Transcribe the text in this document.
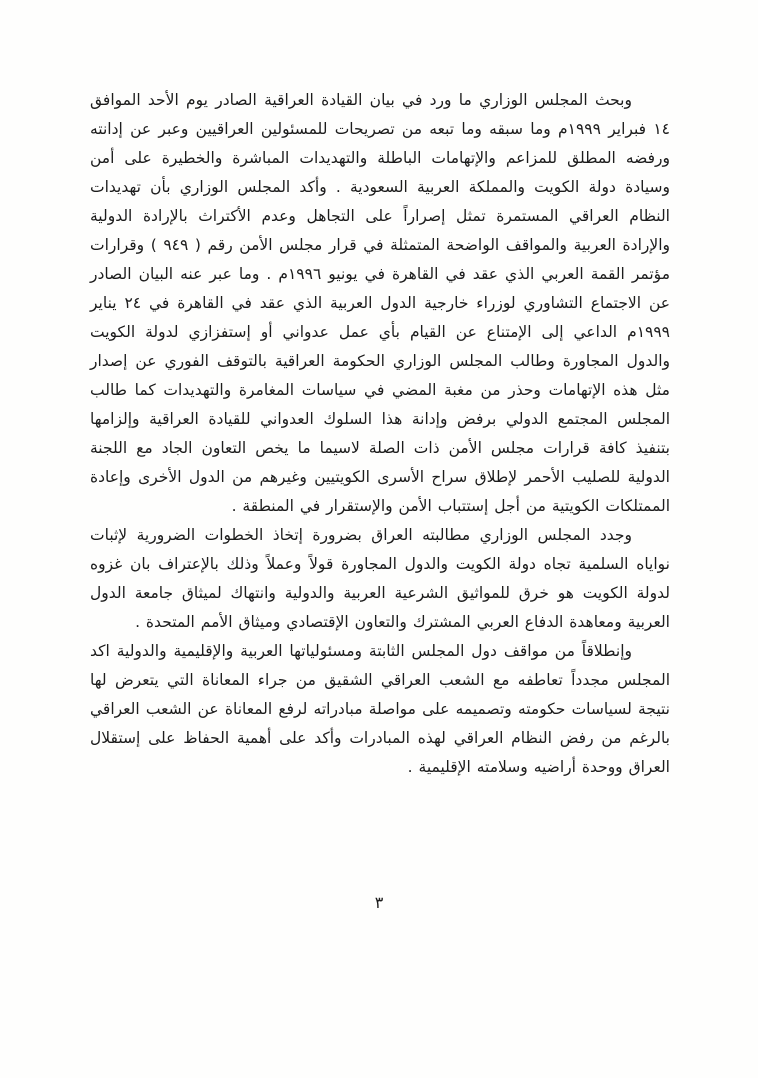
وبحث المجلس الوزاري ما ورد في بيان القيادة العراقية الصادر يوم الأحد الموافق ١٤ فبراير ١٩٩٩م وما سبقه وما تبعه من تصريحات للمسئولين العراقيين وعبر عن إدانته ورفضه المطلق للمزاعم والإتهامات الباطلة والتهديدات المباشرة والخطيرة على أمن وسيادة دولة الكويت والمملكة العربية السعودية . وأكد المجلس الوزاري بأن تهديدات النظام العراقي المستمرة تمثل إصراراً على التجاهل وعدم الأكتراث بالإرادة الدولية والإرادة العربية والمواقف الواضحة المتمثلة في قرار مجلس الأمن رقم ( ٩٤٩ ) وقرارات مؤتمر القمة العربي الذي عقد في القاهرة في يونيو ١٩٩٦م . وما عبر عنه البيان الصادر عن الاجتماع التشاوري لوزراء خارجية الدول العربية الذي عقد في القاهرة في ٢٤ يناير ١٩٩٩م الداعي إلى الإمتناع عن القيام بأي عمل عدواني أو إستفزازي لدولة الكويت والدول المجاورة وطالب المجلس الوزاري الحكومة العراقية بالتوقف الفوري عن إصدار مثل هذه الإتهامات وحذر من مغبة المضي في سياسات المغامرة والتهديدات كما طالب المجلس المجتمع الدولي برفض وإدانة هذا السلوك العدواني للقيادة العراقية وإلزامها بتنفيذ كافة قرارات مجلس الأمن ذات الصلة لاسيما ما يخص التعاون الجاد مع اللجنة الدولية للصليب الأحمر لإطلاق سراح الأسرى الكويتيين وغيرهم من الدول الأخرى وإعادة الممتلكات الكويتية من أجل إستتباب الأمن والإستقرار في المنطقة .

وجدد المجلس الوزاري مطالبته العراق بضرورة إتخاذ الخطوات الضرورية لإثبات نواياه السلمية تجاه دولة الكويت والدول المجاورة قولاً وعملاً وذلك بالإعتراف بان غزوه لدولة الكويت هو خرق للمواثيق الشرعية العربية والدولية وانتهاك لميثاق جامعة الدول العربية ومعاهدة الدفاع العربي المشترك والتعاون الإقتصادي وميثاق الأمم المتحدة .

وإنطلاقاً من مواقف دول المجلس الثابتة ومسئولياتها العربية والإقليمية والدولية اكد المجلس مجدداً تعاطفه مع الشعب العراقي الشقيق من جراء المعاناة التي يتعرض لها نتيجة لسياسات حكومته وتصميمه على مواصلة مبادراته لرفع المعاناة عن الشعب العراقي بالرغم من رفض النظام العراقي لهذه المبادرات وأكد على أهمية الحفاظ على إستقلال العراق ووحدة أراضيه وسلامته الإقليمية .

٣
